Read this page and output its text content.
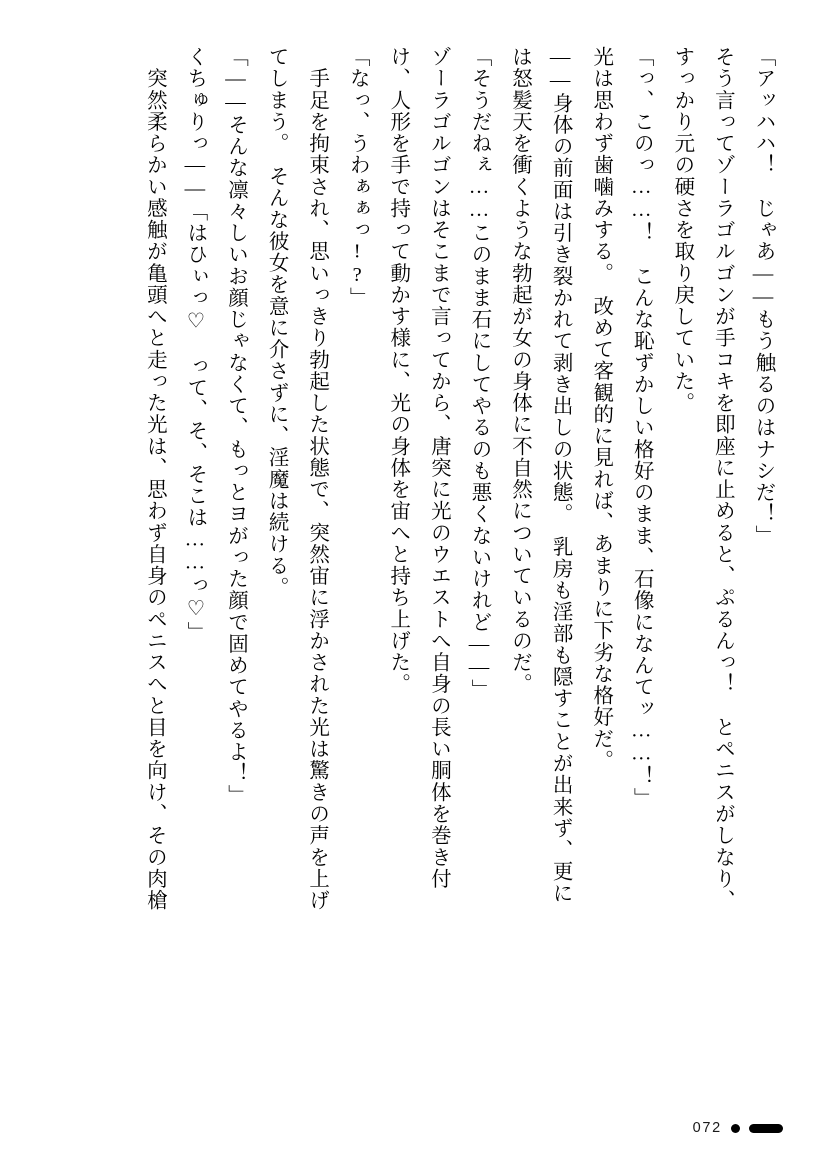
「アッハハ！　じゃあ――もう触るのはナシだ！」

そう言ってゾーラゴルゴンが手コキを即座に止めると、ぷるんっ！　とペニスがしなり、

すっかり元の硬さを取り戻していた。

「っ、このっ……！　こんな恥ずかしい格好のまま、石像になんてッ……！」

光は思わず歯噛みする。　改めて客観的に見れば、あまりに下劣な格好だ。

――身体の前面は引き裂かれて剥き出しの状態。　乳房も淫部も隠すことが出来ず、更に

は怒髪天を衝くような勃起が女の身体に不自然についているのだ。

「そうだねぇ……このまま石にしてやるのも悪くないけれど――」

ゾーラゴルゴンはそこまで言ってから、唐突に光のウエストへ自身の長い胴体を巻き付

け、人形を手で持って動かす様に、光の身体を宙へと持ち上げた。

「なっ、うわぁぁっ!?」

　手足を拘束され、思いっきり勃起した状態で、突然宙に浮かされた光は驚きの声を上げ

てしまう。　そんな彼女を意に介さずに、淫魔は続ける。

「――そんな凛々しいお顔じゃなくて、もっとヨがった顔で固めてやるよ！」

くちゅりっ――「はひぃっ♡　って、そ、そこは……っ♡」

　突然柔らかい感触が亀頭へと走った光は、思わず自身のペニスへと目を向け、その肉槍

072
